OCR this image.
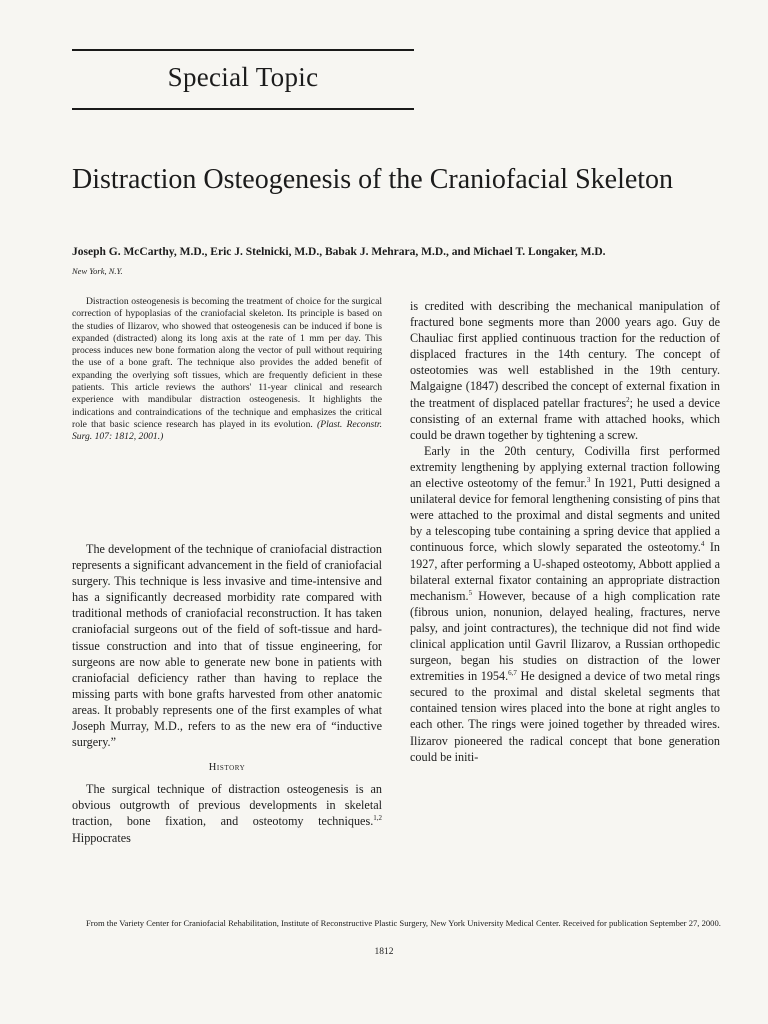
Special Topic
Distraction Osteogenesis of the Craniofacial Skeleton
Joseph G. McCarthy, M.D., Eric J. Stelnicki, M.D., Babak J. Mehrara, M.D., and Michael T. Longaker, M.D.
New York, N.Y.

Distraction osteogenesis is becoming the treatment of choice for the surgical correction of hypoplasias of the craniofacial skeleton. Its principle is based on the studies of Ilizarov, who showed that osteogenesis can be induced if bone is expanded (distracted) along its long axis at the rate of 1 mm per day. This process induces new bone formation along the vector of pull without requiring the use of a bone graft. The technique also provides the added benefit of expanding the overlying soft tissues, which are frequently deficient in these patients. This article reviews the authors' 11-year clinical and research experience with mandibular distraction osteogenesis. It highlights the indications and contraindications of the technique and emphasizes the critical role that basic science research has played in its evolution. (Plast. Reconstr. Surg. 107: 1812, 2001.)

The development of the technique of craniofacial distraction represents a significant advancement in the field of craniofacial surgery. This technique is less invasive and time-intensive and has a significantly decreased morbidity rate compared with traditional methods of craniofacial reconstruction. It has taken craniofacial surgeons out of the field of soft-tissue and hard-tissue construction and into that of tissue engineering, for surgeons are now able to generate new bone in patients with craniofacial deficiency rather than having to replace the missing parts with bone grafts harvested from other anatomic areas. It probably represents one of the first examples of what Joseph Murray, M.D., refers to as the new era of “inductive surgery.”

History

The surgical technique of distraction osteogenesis is an obvious outgrowth of previous developments in skeletal traction, bone fixation, and osteotomy techniques.$^{1,2}$ Hippocrates

is credited with describing the mechanical manipulation of fractured bone segments more than 2000 years ago. Guy de Chauliac first applied continuous traction for the reduction of displaced fractures in the 14th century. The concept of osteotomies was well established in the 19th century. Malgaigne (1847) described the concept of external fixation in the treatment of displaced patellar fractures$^2$; he used a device consisting of an external frame with attached hooks, which could be drawn together by tightening a screw.

Early in the 20th century, Codivilla first performed extremity lengthening by applying external traction following an elective osteotomy of the femur.$^3$ In 1921, Putti designed a unilateral device for femoral lengthening consisting of pins that were attached to the proximal and distal segments and united by a telescoping tube containing a spring device that applied a continuous force, which slowly separated the osteotomy.$^4$ In 1927, after performing a U-shaped osteotomy, Abbott applied a bilateral external fixator containing an appropriate distraction mechanism.$^5$ However, because of a high complication rate (fibrous union, nonunion, delayed healing, fractures, nerve palsy, and joint contractures), the technique did not find wide clinical application until Gavril Ilizarov, a Russian orthopedic surgeon, began his studies on distraction of the lower extremities in 1954.$^{6,7}$ He designed a device of two metal rings secured to the proximal and distal skeletal segments that contained tension wires placed into the bone at right angles to each other. The rings were joined together by threaded wires. Ilizarov pioneered the radical concept that bone generation could be initi-

From the Variety Center for Craniofacial Rehabilitation, Institute of Reconstructive Plastic Surgery, New York University Medical Center. Received for publication September 27, 2000.

1812
